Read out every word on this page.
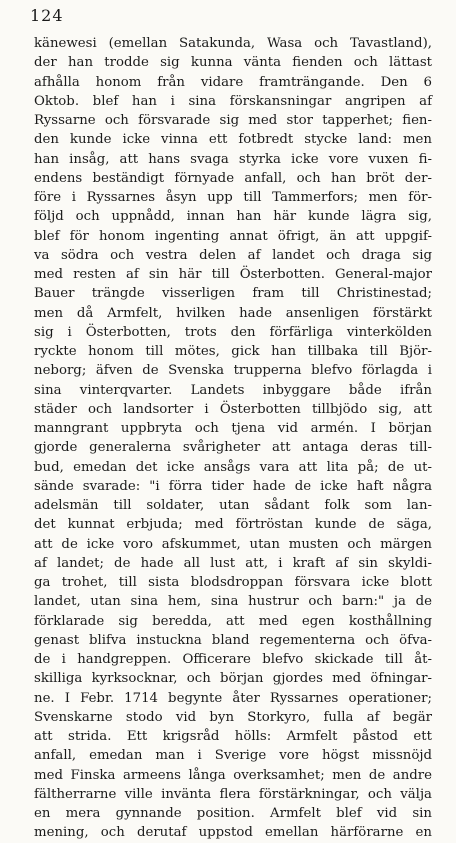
124
känewesi (emellan Satakunda, Wasa och Tavastland),
der han trodde sig kunna vänta fienden och lättast
afhålla honom från vidare framträngande. Den 6
Oktob. blef han i sina förskansningar angripen af
Ryssarne och försvarade sig med stor tapperhet; fien-
den kunde icke vinna ett fotbredt stycke land: men
han insåg, att hans svaga styrka icke vore vuxen fi-
endens beständigt förnyade anfall, och han bröt der-
före i Ryssarnes åsyn upp till Tammerfors; men för-
följd och uppnådd, innan han här kunde lägra sig,
blef för honom ingenting annat öfrigt, än att uppgif-
va södra och vestra delen af landet och draga sig
med resten af sin här till Österbotten. General-major
Bauer trängde visserligen fram till Christinestad;
men då Armfelt, hvilken hade ansenligen förstärkt
sig i Österbotten, trots den förfärliga vinterkölden
ryckte honom till mötes, gick han tillbaka till Björ-
neborg; äfven de Svenska trupperna blefvo förlagda i
sina vinterqvarter. Landets inbyggare både ifrån
städer och landsorter i Österbotten tillbjödo sig, att
manngrant uppbryta och tjena vid armén. I början
gjorde generalerna svårigheter att antaga deras till-
bud, emedan det icke ansågs vara att lita på; de ut-
sände svarade: "i förra tider hade de icke haft några
adelsmän till soldater, utan sådant folk som lan-
det kunnat erbjuda; med förtröstan kunde de säga,
att de icke voro afskummet, utan musten och märgen
af landet; de hade all lust att, i kraft af sin skyldi-
ga trohet, till sista blodsdroppan försvara icke blott
landet, utan sina hem, sina hustrur och barn:" ja de
förklarade sig beredda, att med egen kosthållning
genast blifva instuckna bland regementerna och öfva-
de i handgreppen. Officerare blefvo skickade till åt-
skilliga kyrksocknar, och början gjordes med öfningar-
ne. I Febr. 1714 begynte åter Ryssarnes operationer;
Svenskarne stodo vid byn Storkyro, fulla af begär
att strida. Ett krigsråd hölls: Armfelt påstod ett
anfall, emedan man i Sverige vore högst missnöjd
med Finska armeens långa overksamhet; men de andre
fältherrarne ville invänta flera förstärkningar, och välja
en mera gynnande position. Armfelt blef vid sin
mening, och derutaf uppstod emellan härförarne en
